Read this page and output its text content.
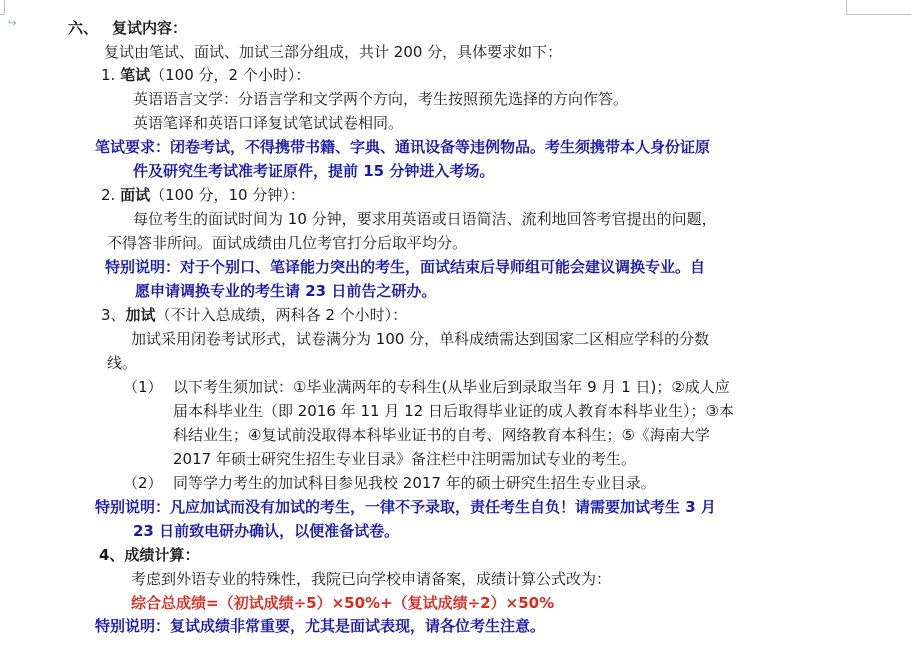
↪	六、 复试内容：
复试由笔试、面试、加试三部分组成，共计 200 分，具体要求如下：
1. 笔试（100 分，2 个小时）：
英语语言文学：分语言学和文学两个方向，考生按照预先选择的方向作答。
英语笔译和英语口译复试笔试试卷相同。
笔试要求：闭卷考试，不得携带书籍、字典、通讯设备等违例物品。考生须携带本人身份证原
件及研究生考试准考证原件，提前 15 分钟进入考场。
2. 面试（100 分，10 分钟）：
每位考生的面试时间为 10 分钟，要求用英语或日语简洁、流利地回答考官提出的问题，
不得答非所问。面试成绩由几位考官打分后取平均分。
特别说明：对于个别口、笔译能力突出的考生，面试结束后导师组可能会建议调换专业。自
愿申请调换专业的考生请 23 日前告之研办。
3、加试（不计入总成绩，两科各 2 个小时）：
加试采用闭卷考试形式，试卷满分为 100 分，单科成绩需达到国家二区相应学科的分数
线。
（1） 以下考生须加试：①毕业满两年的专科生(从毕业后到录取当年 9 月 1 日)；②成人应
届本科毕业生（即 2016 年 11 月 12 日后取得毕业证的成人教育本科毕业生）；③本
科结业生；④复试前没取得本科毕业证书的自考、网络教育本科生；⑤《海南大学
2017 年硕士研究生招生专业目录》备注栏中注明需加试专业的考生。
（2） 同等学力考生的加试科目参见我校 2017 年的硕士研究生招生专业目录。
特别说明：凡应加试而没有加试的考生，一律不予录取，责任考生自负！请需要加试考生 3 月
23 日前致电研办确认，以便准备试卷。
4、成绩计算：
考虑到外语专业的特殊性，我院已向学校申请备案，成绩计算公式改为：
综合总成绩=（初试成绩÷5）×50%+（复试成绩÷2）×50%
特别说明：复试成绩非常重要，尤其是面试表现，请各位考生注意。
